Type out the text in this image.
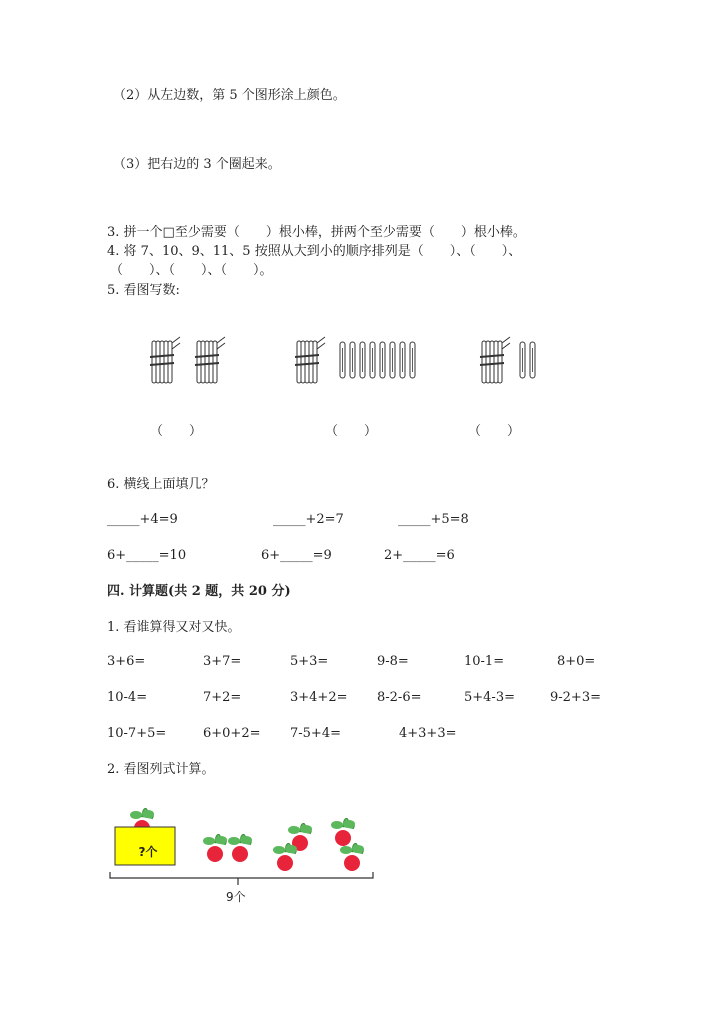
（2）从左边数，第 5 个图形涂上颜色。
（3）把右边的 3 个圈起来。
3. 拼一个□至少需要（　　）根小棒，拼两个至少需要（　　）根小棒。
4. 将 7、10、9、11、5 按照从大到小的顺序排列是（　　）、（　　）、
（　　）、（　　）、（　　）。
5. 看图写数:
（　　）	（　　）	（　　）
6. 横线上面填几？
_____+4=9	_____+2=7	_____+5=8
6+_____=10	6+_____=9	2+_____=6
四. 计算题(共 2 题，共 20 分)
1. 看谁算得又对又快。
3+6=	3+7=	5+3=	9-8=	10-1=	8+0=
10-4=	7+2=	3+4+2= 8-2-6=	5+4-3=	9-2+3=
10-7+5=	6+0+2= 7-5+4=	4+3+3=
2. 看图列式计算。
?个
9个
